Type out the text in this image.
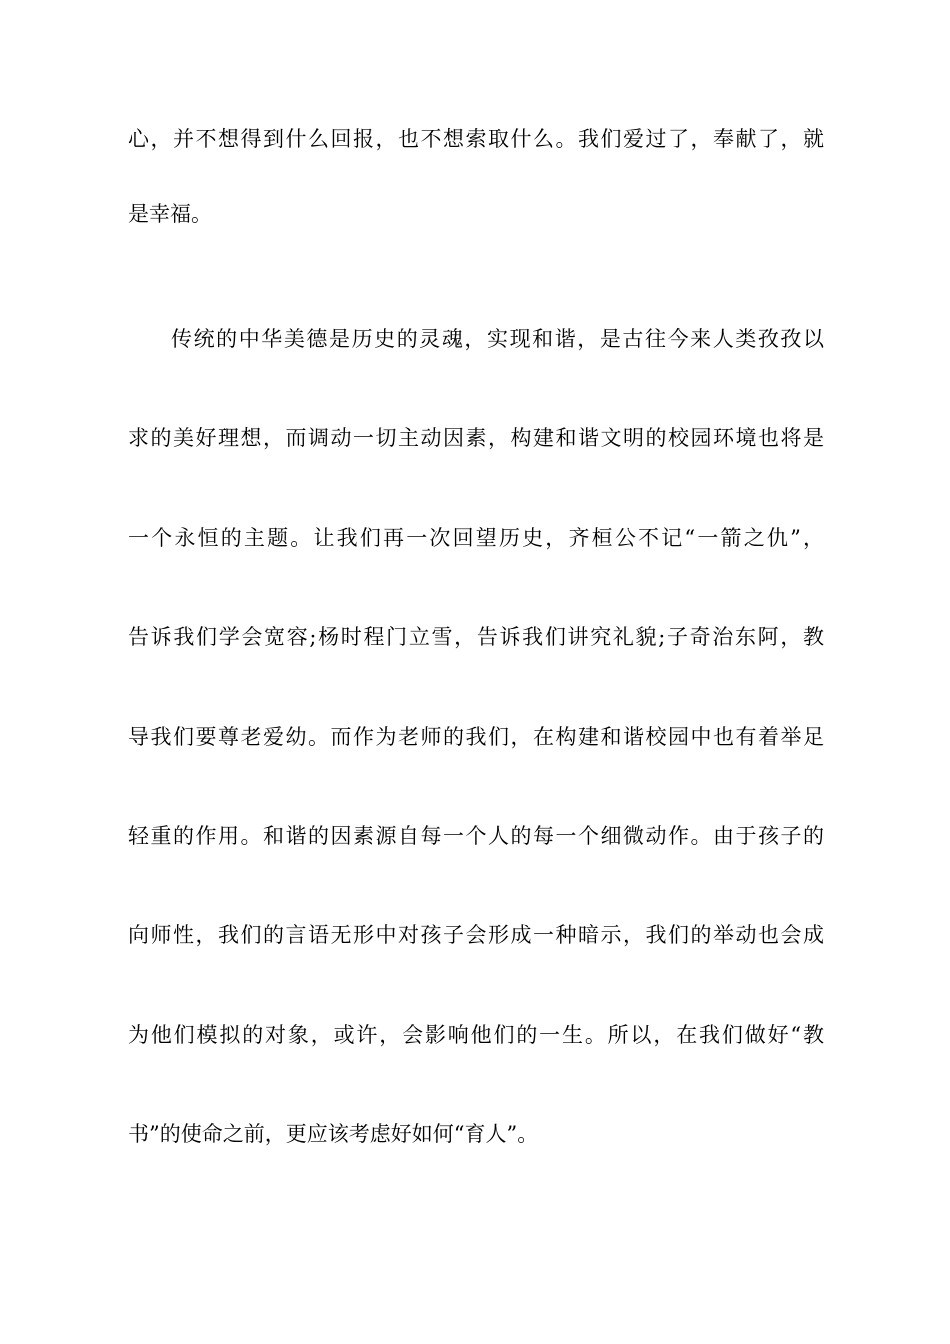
心，并不想得到什么回报，也不想索取什么。我们爱过了，奉献了，就
是幸福。
传统的中华美德是历史的灵魂，实现和谐，是古往今来人类孜孜以
求的美好理想，而调动一切主动因素，构建和谐文明的校园环境也将是
一个永恒的主题。让我们再一次回望历史，齐桓公不记“一箭之仇”，
告诉我们学会宽容;杨时程门立雪，告诉我们讲究礼貌;子奇治东阿，教
导我们要尊老爱幼。而作为老师的我们，在构建和谐校园中也有着举足
轻重的作用。和谐的因素源自每一个人的每一个细微动作。由于孩子的
向师性，我们的言语无形中对孩子会形成一种暗示，我们的举动也会成
为他们模拟的对象，或许，会影响他们的一生。所以，在我们做好“教
书”的使命之前，更应该考虑好如何“育人”。
